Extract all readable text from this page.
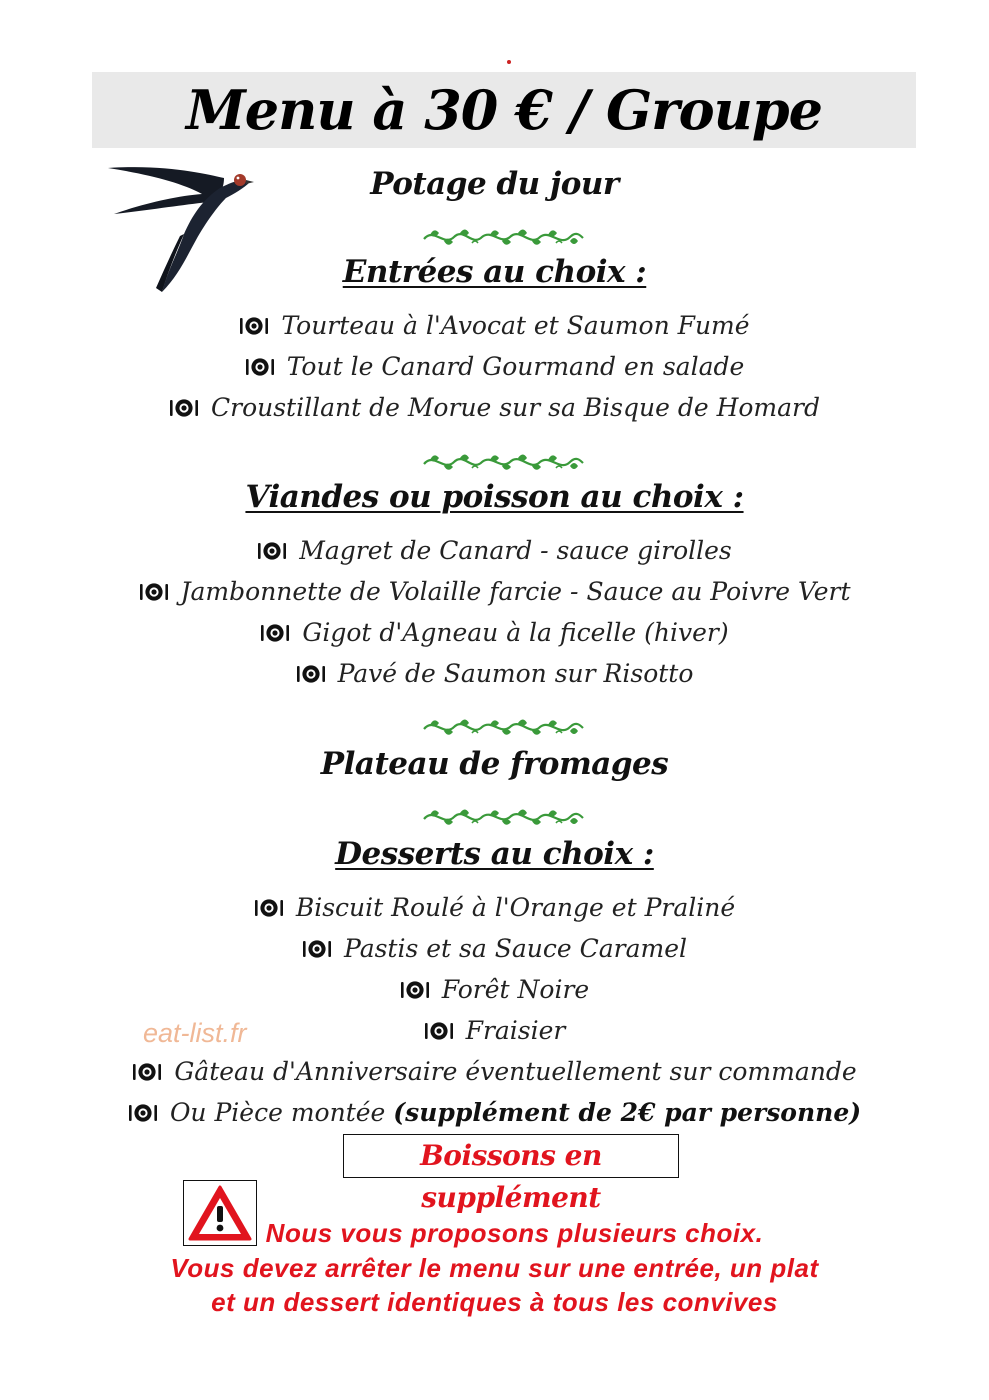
Menu à 30 € / Groupe
Potage du jour
Entrées au choix :
Tourteau à l'Avocat et Saumon Fumé
Tout le Canard Gourmand en salade
Croustillant de Morue sur sa Bisque de Homard
Viandes ou poisson au choix :
Magret de Canard - sauce girolles
Jambonnette de Volaille farcie - Sauce au Poivre Vert
Gigot d'Agneau à la ficelle (hiver)
Pavé de Saumon sur Risotto
Plateau de fromages
Desserts au choix :
Biscuit Roulé à l'Orange et Praliné
Pastis et sa Sauce Caramel
Forêt Noire
Fraisier
Gâteau d'Anniversaire éventuellement sur commande
Ou Pièce montée (supplément de 2€ par personne)
eat-list.fr
Boissons en supplément
Nous vous proposons plusieurs choix.
Vous devez arrêter le menu sur une entrée, un plat
et un dessert identiques à tous les convives
